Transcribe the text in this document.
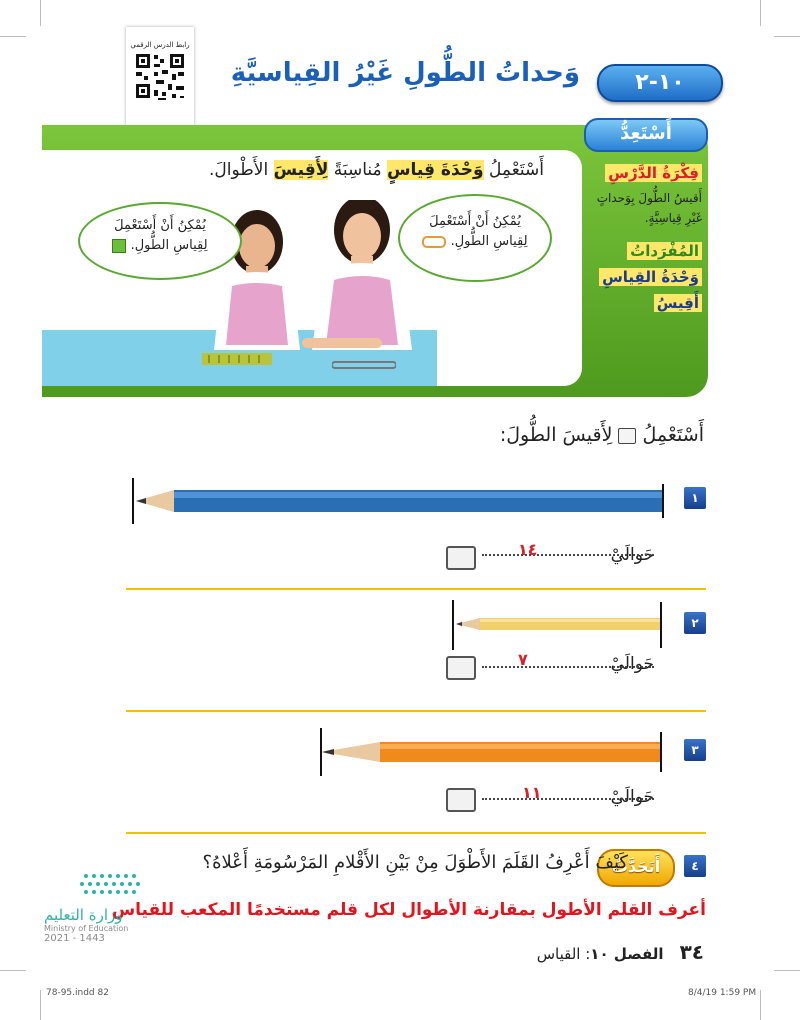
رابط الدرس الرقمي
وَحداتُ الطُّولِ غَيْرُ القِياسيَّةِ	١٠-٢
أَسْتَعِدُّ
فِكْرَةُ الدَّرْسِ
أَقيسُ الطُّولَ بِوَحداتٍ
غَيْرِ قِياسِيَّةٍ.
المُفْرَداتُ
وَحْدَةُ القِياسِ
أَقِيسُ
أَسْتَعْمِلُ وَحْدَةَ قِياسٍ مُناسِبَةً لِأَقِيسَ الأَطْوالَ.
يُمْكِنُ أَنْ أَسْتَعْمِلَ
لِقِياسِ الطُّولِ.
يُمْكِنُ أَنْ أَسْتَعْمِلَ
لِقِياسِ الطُّولِ.
أَسْتَعْمِلُ  لِأَقيسَ الطُّولَ:
١
حَوالَيْ
١٤
٢
حَوالَيْ
٧
٣
حَوالَيْ
١١
٤
أَتَحَدَّثُ
كَيْفَ أَعْرِفُ القَلَمَ الأَطْوَلَ مِنْ بَيْنِ الأَقْلامِ المَرْسُومَةِ أَعْلاهُ؟
أعرف القلم الأطول بمقارنة الأطوال لكل قلم مستخدمًا المكعب للقياس
وزارة التعليم
Ministry of Education
2021 - 1443
٣٤الفصل ١٠: القياس
78-95.indd 82	8/4/19 1:59 PM
